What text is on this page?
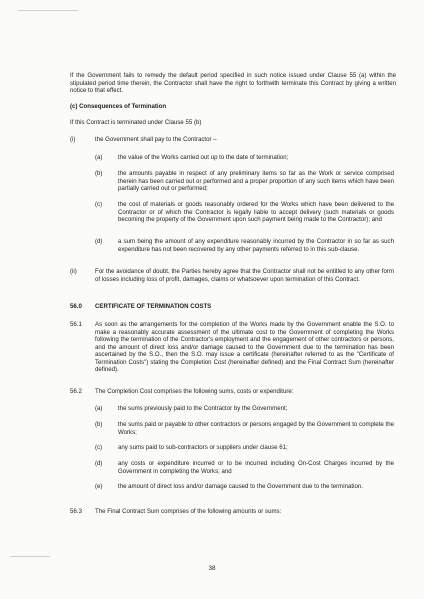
If the Government fails to remedy the default period specified in such notice issued under Clause 55 (a) within the stipulated period time therein, the Contractor shall have the right to forthwith terminate this Contract by giving a written notice to that effect.
(c) Consequences of Termination
If this Contract is terminated under Clause 55 (b)
(i)	the Government shall pay to the Contractor –
(a)	the value of the Works carried out up to the date of termination;
(b)	the amounts payable in respect of any preliminary items so far as the Work or service comprised therein has been carried out or performed and a proper proportion of any such items which have been partially carried out or performed;
(c)	the cost of materials or goods reasonably ordered for the Works which have been delivered to the Contractor or of which the Contractor is legally liable to accept delivery (such materials or goods becoming the property of the Government upon such payment being made to the Contractor); and
(d)	a sum being the amount of any expenditure reasonably incurred by the Contractor in so far as such expenditure has not been recovered by any other payments referred to in this sub-clause.
(ii)	For the avoidance of doubt, the Parties hereby agree that the Contractor shall not be entitled to any other form of losses including loss of profit, damages, claims or whatsoever upon termination of this Contract.
56.0 CERTIFICATE OF TERMINATION COSTS
56.1 As soon as the arrangements for the completion of the Works made by the Government enable the S.O. to make a reasonably accurate assessment of the ultimate cost to the Government of completing the Works following the termination of the Contractor's employment and the engagement of other contractors or persons, and the amount of direct loss and/or damage caused to the Government due to the termination has been ascertained by the S.O., then the S.O. may issue a certificate (hereinafter referred to as the "Certificate of Termination Costs") stating the Completion Cost (hereinafter defined) and the Final Contract Sum (hereinafter defined).
56.2 The Completion Cost comprises the following sums, costs or expenditure:
(a)	the sums previously paid to the Contractor by the Government;
(b)	the sums paid or payable to other contractors or persons engaged by the Government to complete the Works;
(c)	any sums paid to sub-contractors or suppliers under clause 61;
(d)	any costs or expenditure incurred or to be incurred including On-Cost Charges incurred by the Government in completing the Works; and
(e)	the amount of direct loss and/or damage caused to the Government due to the termination.
56.3 The Final Contract Sum comprises of the following amounts or sums:
38
